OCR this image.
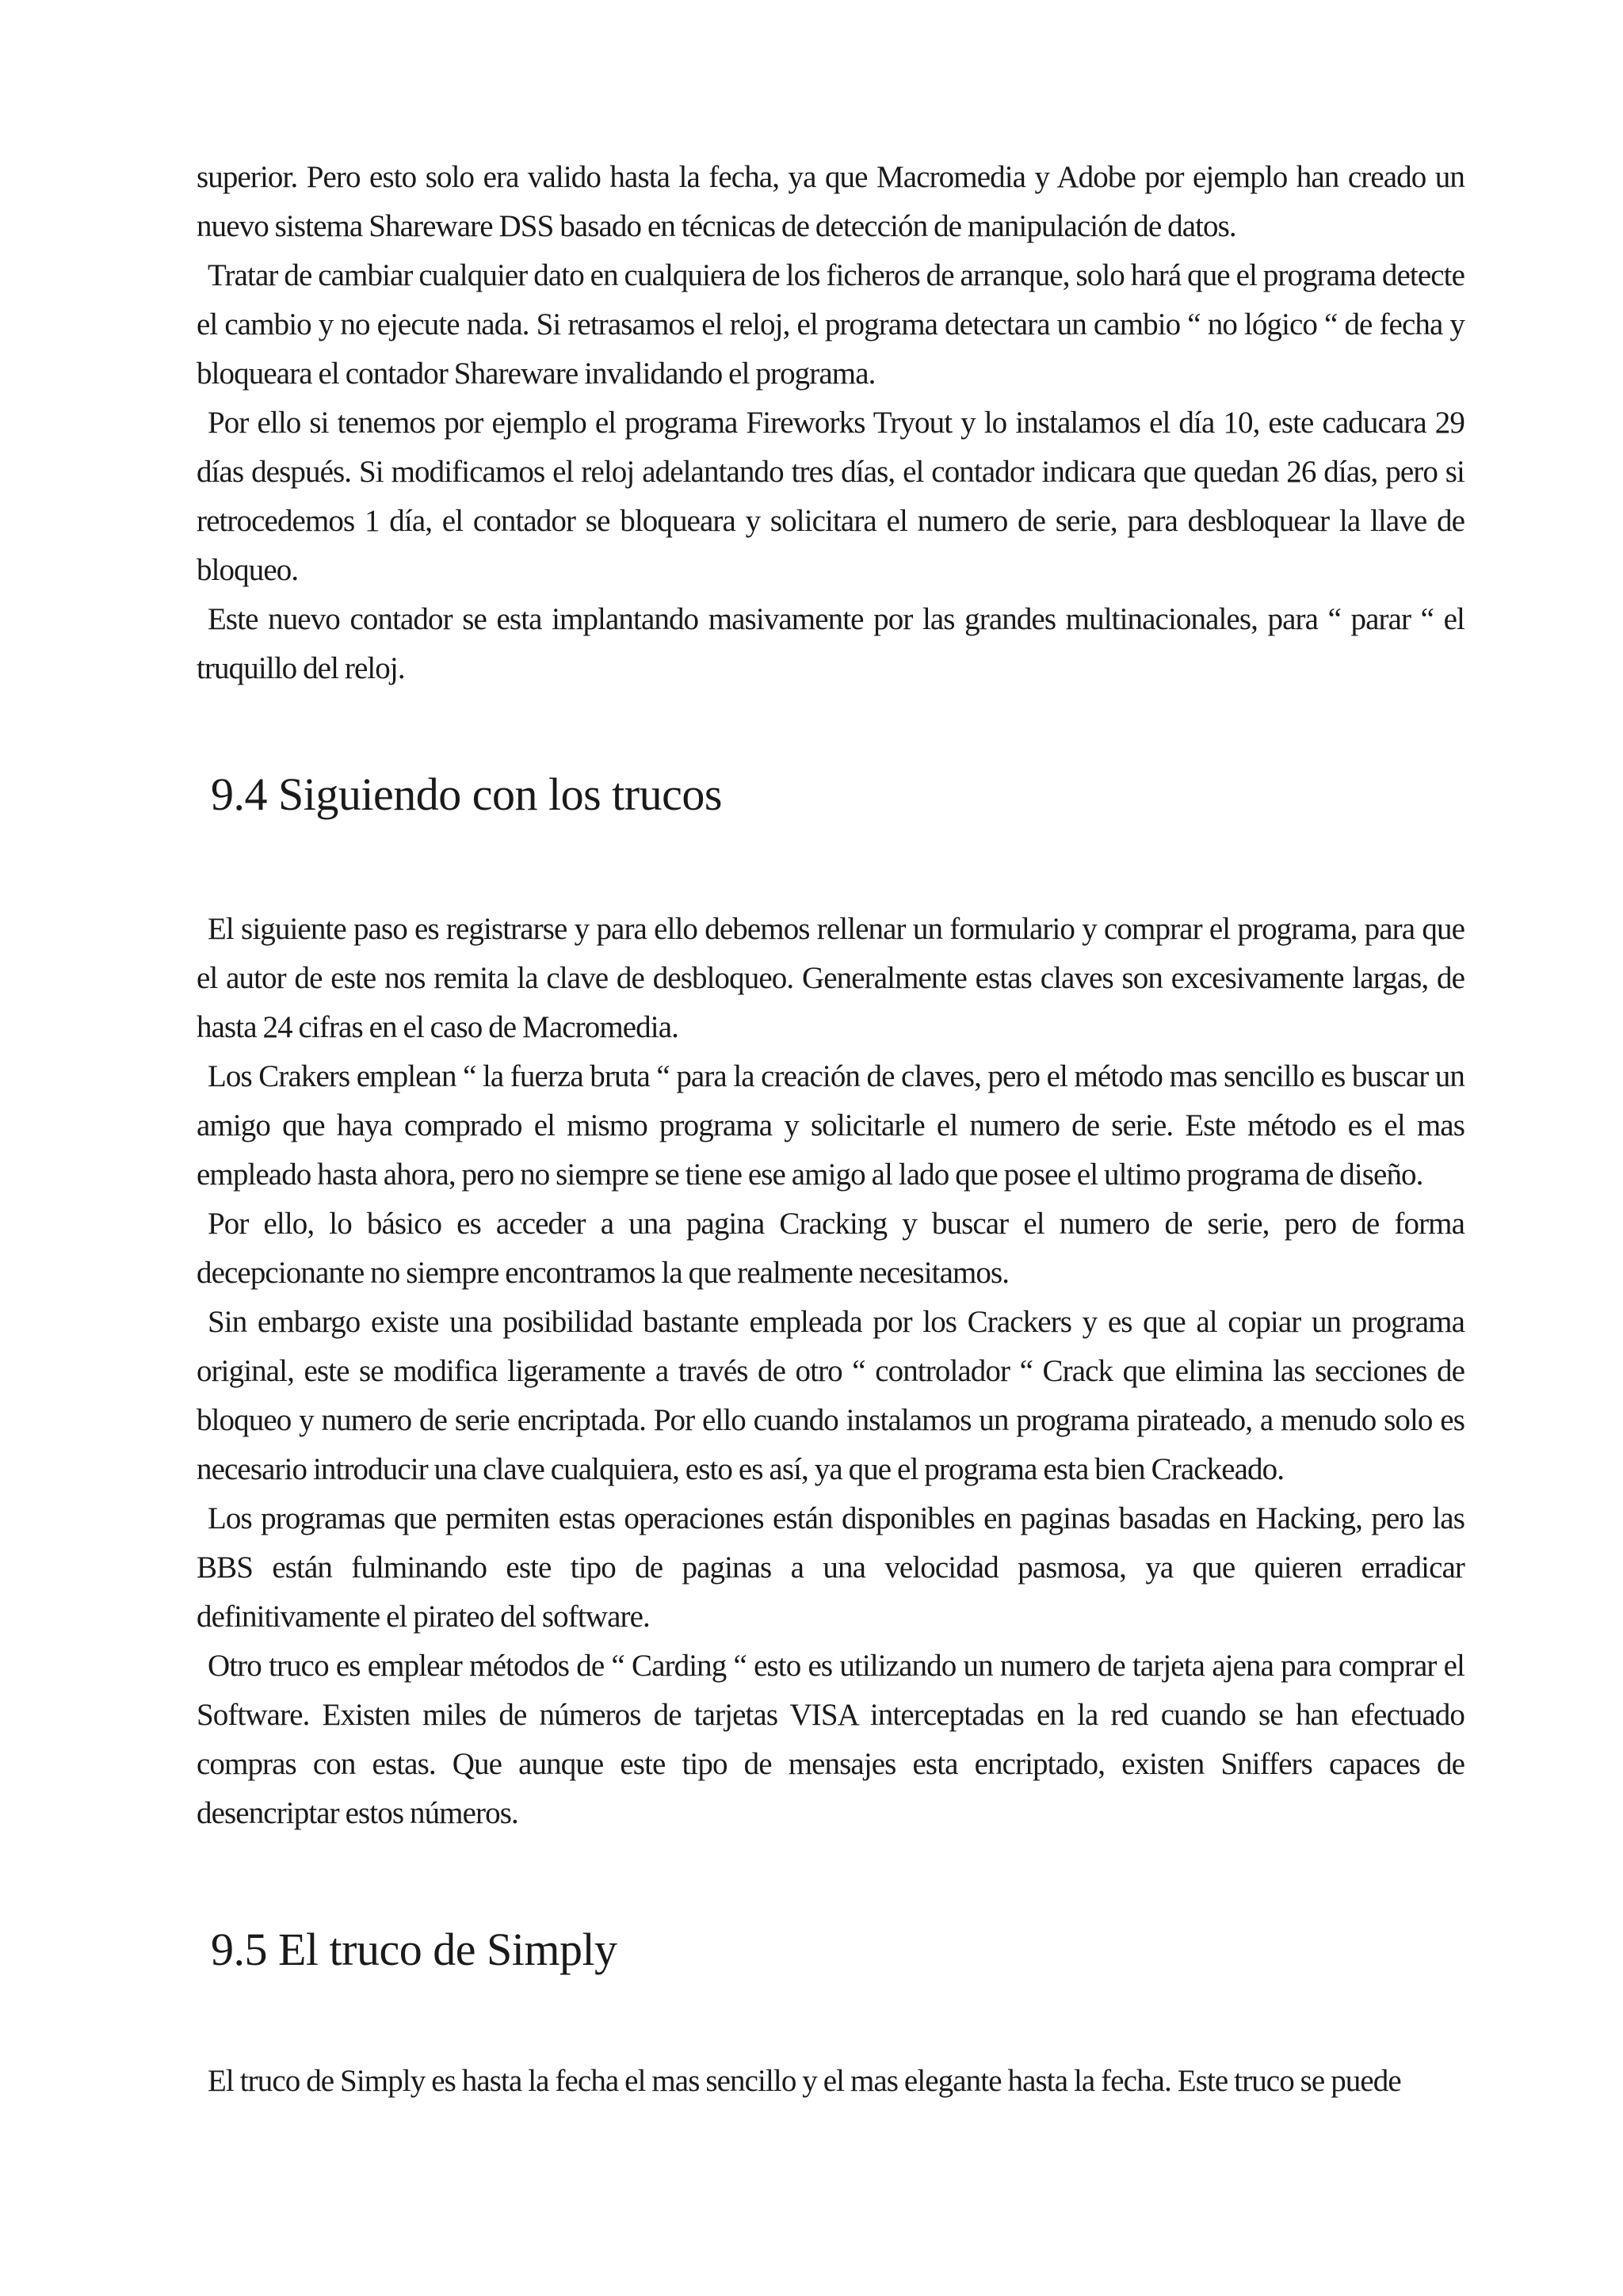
superior. Pero esto solo era valido hasta la fecha, ya que Macromedia y Adobe por ejemplo han creado un nuevo sistema Shareware DSS basado en técnicas de detección de manipulación de datos.

Tratar de cambiar cualquier dato en cualquiera de los ficheros de arranque, solo hará que el programa detecte el cambio y no ejecute nada. Si retrasamos el reloj, el programa detectara un cambio “ no lógico “ de fecha y bloqueara el contador Shareware invalidando el programa.

Por ello si tenemos por ejemplo el programa Fireworks Tryout y lo instalamos el día 10, este caducara 29 días después. Si modificamos el reloj adelantando tres días, el contador indicara que quedan 26 días, pero si retrocedemos 1 día, el contador se bloqueara y solicitara el numero de serie, para desbloquear la llave de bloqueo.

Este nuevo contador se esta implantando masivamente por las grandes multinacionales, para “ parar “ el truquillo del reloj.

9.4 Siguiendo con los trucos

El siguiente paso es registrarse y para ello debemos rellenar un formulario y comprar el programa, para que el autor de este nos remita la clave de desbloqueo. Generalmente estas claves son excesivamente largas, de hasta 24 cifras en el caso de Macromedia.

Los Crakers emplean “ la fuerza bruta “ para la creación de claves, pero el método mas sencillo es buscar un amigo que haya comprado el mismo programa y solicitarle el numero de serie. Este método es el mas empleado hasta ahora, pero no siempre se tiene ese amigo al lado que posee el ultimo programa de diseño.

Por ello, lo básico es acceder a una pagina Cracking y buscar el numero de serie, pero de forma decepcionante no siempre encontramos la que realmente necesitamos.

Sin embargo existe una posibilidad bastante empleada por los Crackers y es que al copiar un programa original, este se modifica ligeramente a través de otro “ controlador “ Crack que elimina las secciones de bloqueo y numero de serie encriptada. Por ello cuando instalamos un programa pirateado, a menudo solo es necesario introducir una clave cualquiera, esto es así, ya que el programa esta bien Crackeado.

Los programas que permiten estas operaciones están disponibles en paginas basadas en Hacking, pero las BBS están fulminando este tipo de paginas a una velocidad pasmosa, ya que quieren erradicar definitivamente el pirateo del software.

Otro truco es emplear métodos de “ Carding “ esto es utilizando un numero de tarjeta ajena para comprar el Software. Existen miles de números de tarjetas VISA interceptadas en la red cuando se han efectuado compras con estas. Que aunque este tipo de mensajes esta encriptado, existen Sniffers capaces de desencriptar estos números.

9.5 El truco de Simply

El truco de Simply es hasta la fecha el mas sencillo y el mas elegante hasta la fecha. Este truco se puede
